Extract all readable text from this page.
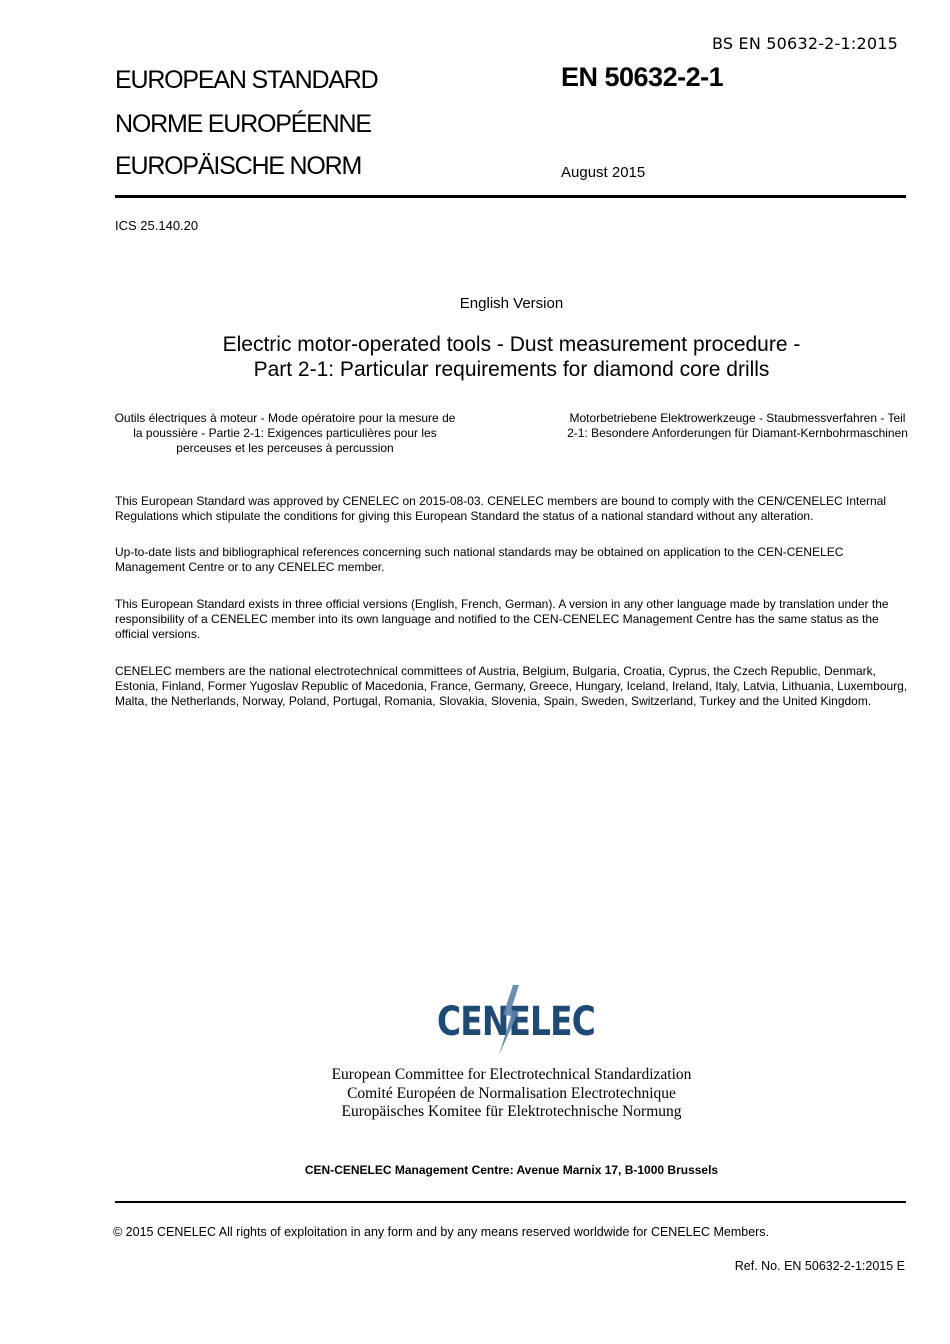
BS EN 50632-2-1:2015
EUROPEAN STANDARD
NORME EUROPÉENNE
EUROPÄISCHE NORM
EN 50632-2-1
August 2015
ICS 25.140.20
English Version
Electric motor-operated tools - Dust measurement procedure -
Part 2-1: Particular requirements for diamond core drills
Outils électriques à moteur - Mode opératoire pour la mesure de la poussière - Partie 2-1: Exigences particulières pour les perceuses et les perceuses à percussion
Motorbetriebene Elektrowerkzeuge - Staubmessverfahren - Teil 2-1: Besondere Anforderungen für Diamant-Kernbohrmaschinen
This European Standard was approved by CENELEC on 2015-08-03. CENELEC members are bound to comply with the CEN/CENELEC Internal Regulations which stipulate the conditions for giving this European Standard the status of a national standard without any alteration.
Up-to-date lists and bibliographical references concerning such national standards may be obtained on application to the CEN-CENELEC Management Centre or to any CENELEC member.
This European Standard exists in three official versions (English, French, German). A version in any other language made by translation under the responsibility of a CENELEC member into its own language and notified to the CEN-CENELEC Management Centre has the same status as the official versions.
CENELEC members are the national electrotechnical committees of Austria, Belgium, Bulgaria, Croatia, Cyprus, the Czech Republic, Denmark, Estonia, Finland, Former Yugoslav Republic of Macedonia, France, Germany, Greece, Hungary, Iceland, Ireland, Italy, Latvia, Lithuania, Luxembourg, Malta, the Netherlands, Norway, Poland, Portugal, Romania, Slovakia, Slovenia, Spain, Sweden, Switzerland, Turkey and the United Kingdom.
CENELEC
European Committee for Electrotechnical Standardization
Comité Européen de Normalisation Electrotechnique
Europäisches Komitee für Elektrotechnische Normung
CEN-CENELEC Management Centre: Avenue Marnix 17, B-1000 Brussels
© 2015 CENELEC All rights of exploitation in any form and by any means reserved worldwide for CENELEC Members.
Ref. No. EN 50632-2-1:2015 E
